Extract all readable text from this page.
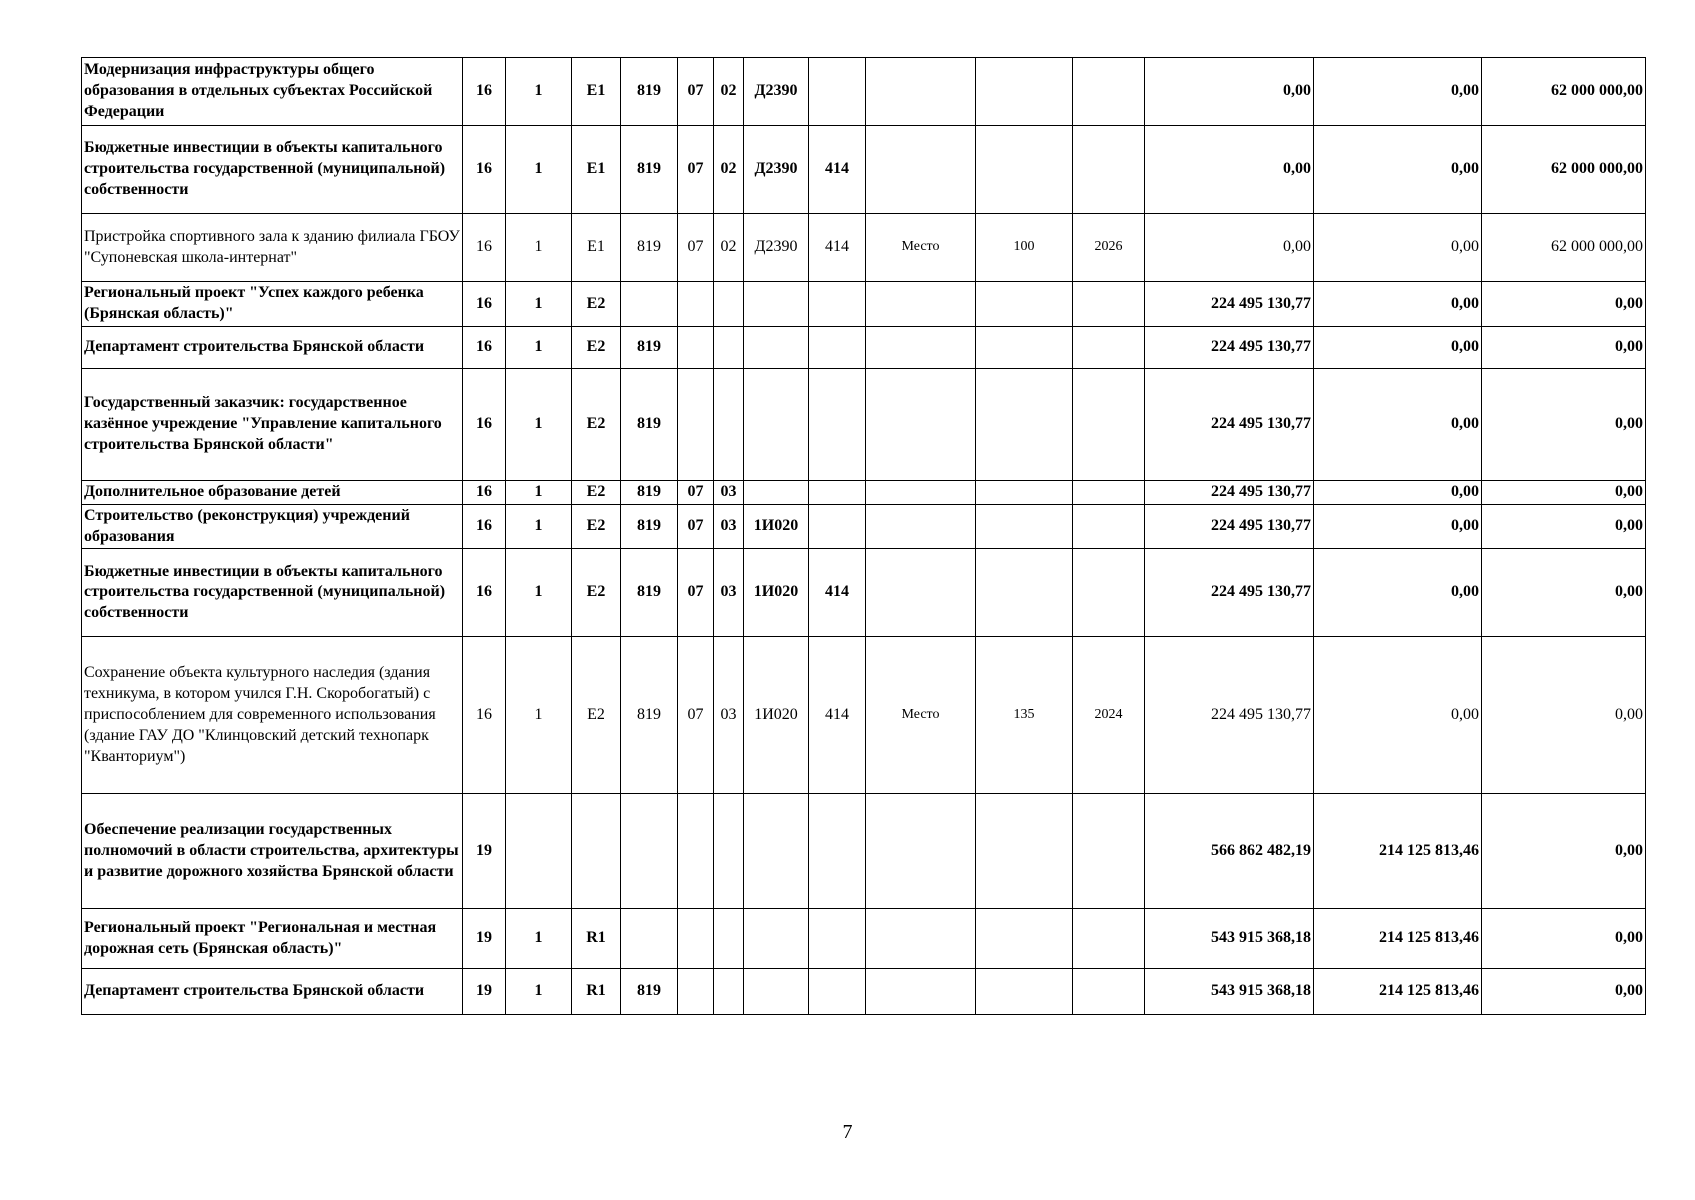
Модернизация инфраструктуры общего образования в отдельных субъектах Российской Федерации	16	1	E1	819	07	02	Д2390					0,00	0,00	62 000 000,00
Бюджетные инвестиции в объекты капитального строительства государственной (муниципальной) собственности	16	1	E1	819	07	02	Д2390	414				0,00	0,00	62 000 000,00
Пристройка спортивного зала к зданию филиала ГБОУ "Супоневская школа-интернат"	16	1	E1	819	07	02	Д2390	414	Место	100	2026	0,00	0,00	62 000 000,00
Региональный проект "Успех каждого ребенка (Брянская область)"	16	1	E2									224 495 130,77	0,00	0,00
Департамент строительства Брянской области	16	1	E2	819								224 495 130,77	0,00	0,00
Государственный заказчик: государственное казённое учреждение "Управление капитального строительства Брянской области"	16	1	E2	819								224 495 130,77	0,00	0,00
Дополнительное образование детей	16	1	E2	819	07	03						224 495 130,77	0,00	0,00
Строительство (реконструкция) учреждений образования	16	1	E2	819	07	03	1И020					224 495 130,77	0,00	0,00
Бюджетные инвестиции в объекты капитального строительства государственной (муниципальной) собственности	16	1	E2	819	07	03	1И020	414				224 495 130,77	0,00	0,00
Сохранение объекта культурного наследия (здания техникума, в котором учился Г.Н. Скоробогатый) с приспособлением для современного использования (здание ГАУ ДО "Клинцовский детский технопарк "Кванториум")	16	1	E2	819	07	03	1И020	414	Место	135	2024	224 495 130,77	0,00	0,00
Обеспечение реализации государственных полномочий в области строительства, архитектуры и развитие дорожного хозяйства Брянской области	19											566 862 482,19	214 125 813,46	0,00
Региональный проект "Региональная и местная дорожная сеть (Брянская область)"	19	1	R1									543 915 368,18	214 125 813,46	0,00
Департамент строительства Брянской области	19	1	R1	819								543 915 368,18	214 125 813,46	0,00
7
